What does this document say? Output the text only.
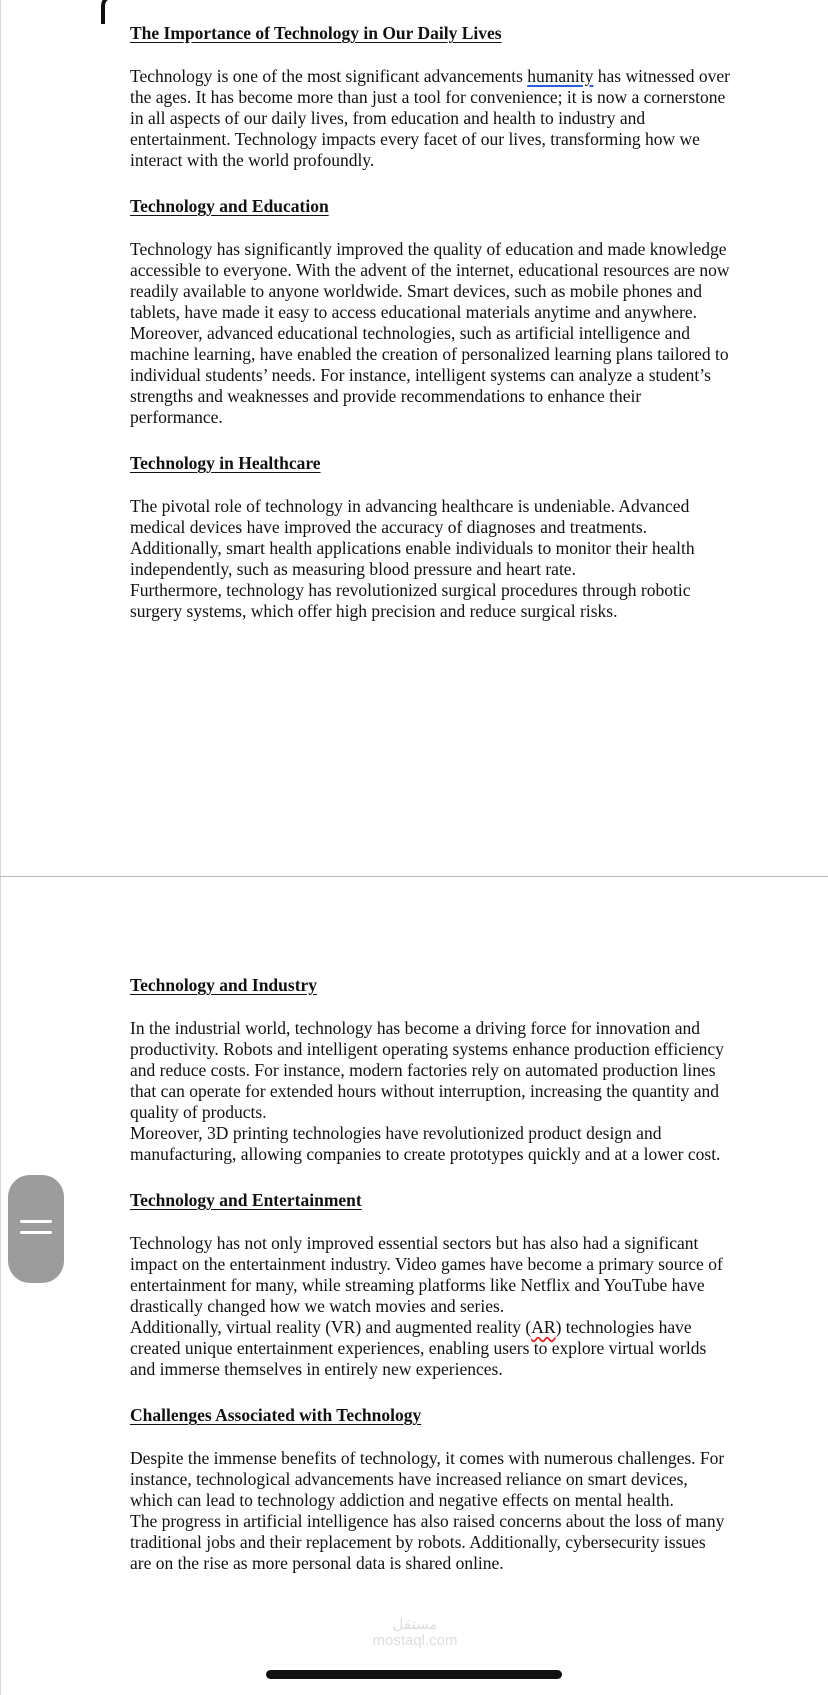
The Importance of Technology in Our Daily Lives

Technology is one of the most significant advancements humanity has witnessed over the ages. It has become more than just a tool for convenience; it is now a cornerstone in all aspects of our daily lives, from education and health to industry and entertainment. Technology impacts every facet of our lives, transforming how we interact with the world profoundly.

Technology and Education

Technology has significantly improved the quality of education and made knowledge accessible to everyone. With the advent of the internet, educational resources are now readily available to anyone worldwide. Smart devices, such as mobile phones and tablets, have made it easy to access educational materials anytime and anywhere.

Moreover, advanced educational technologies, such as artificial intelligence and machine learning, have enabled the creation of personalized learning plans tailored to individual students’ needs. For instance, intelligent systems can analyze a student’s strengths and weaknesses and provide recommendations to enhance their performance.

Technology in Healthcare

The pivotal role of technology in advancing healthcare is undeniable. Advanced medical devices have improved the accuracy of diagnoses and treatments. Additionally, smart health applications enable individuals to monitor their health independently, such as measuring blood pressure and heart rate.

Furthermore, technology has revolutionized surgical procedures through robotic surgery systems, which offer high precision and reduce surgical risks.

Technology and Industry

In the industrial world, technology has become a driving force for innovation and productivity. Robots and intelligent operating systems enhance production efficiency and reduce costs. For instance, modern factories rely on automated production lines that can operate for extended hours without interruption, increasing the quantity and quality of products.

Moreover, 3D printing technologies have revolutionized product design and manufacturing, allowing companies to create prototypes quickly and at a lower cost.

Technology and Entertainment

Technology has not only improved essential sectors but has also had a significant impact on the entertainment industry. Video games have become a primary source of entertainment for many, while streaming platforms like Netflix and YouTube have drastically changed how we watch movies and series.

Additionally, virtual reality (VR) and augmented reality (AR) technologies have created unique entertainment experiences, enabling users to explore virtual worlds and immerse themselves in entirely new experiences.

Challenges Associated with Technology

Despite the immense benefits of technology, it comes with numerous challenges. For instance, technological advancements have increased reliance on smart devices, which can lead to technology addiction and negative effects on mental health.

The progress in artificial intelligence has also raised concerns about the loss of many traditional jobs and their replacement by robots. Additionally, cybersecurity issues are on the rise as more personal data is shared online.

مستقل
mostaql.com
